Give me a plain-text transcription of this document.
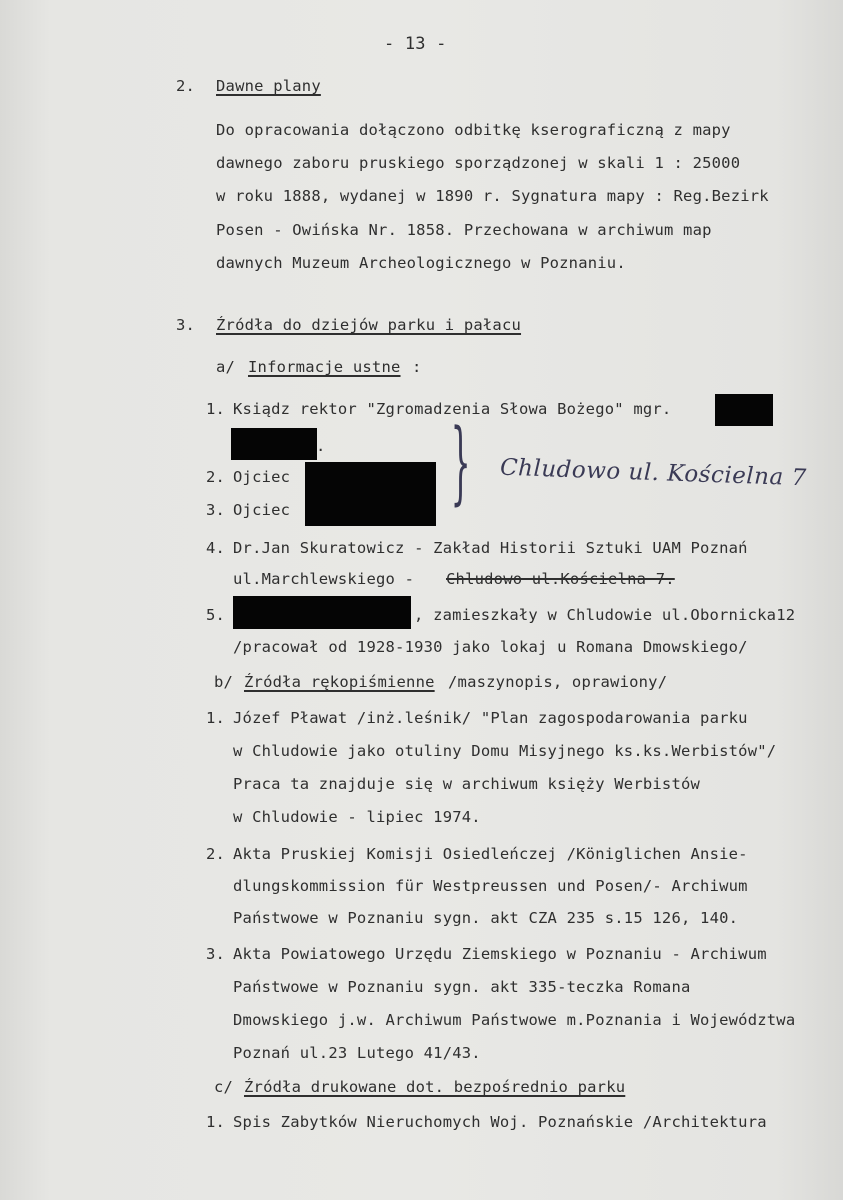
- 13 -
2. Dawne plany
Do opracowania dołączono odbitkę kserograficzną z mapy
dawnego zaboru pruskiego sporządzonej w skali 1 : 25000
w roku 1888, wydanej w 1890 r. Sygnatura mapy : Reg.Bezirk
Posen - Owińska Nr. 1858. Przechowana w archiwum map
dawnych Muzeum Archeologicznego w Poznaniu.
3. Źródła do dziejów parku i pałacu
a/ Informacje ustne :
1. Ksiądz rektor "Zgromadzenia Słowa Bożego" mgr.
.
2. Ojciec
3. Ojciec } Chludowo ul. Kościelna 7
4. Dr.Jan Skuratowicz - Zakład Historii Sztuki UAM Poznań
ul.Marchlewskiego - Chludowo ul.Kościelna 7.
5.	, zamieszkały w Chludowie ul.Obornicka12
/pracował od 1928-1930 jako lokaj u Romana Dmowskiego/
b/ Źródła rękopiśmienne /maszynopis, oprawiony/
1. Józef Pławat /inż.leśnik/ "Plan zagospodarowania parku
w Chludowie jako otuliny Domu Misyjnego ks.ks.Werbistów"/
Praca ta znajduje się w archiwum księży Werbistów
w Chludowie - lipiec 1974.
2. Akta Pruskiej Komisji Osiedleńczej /Königlichen Ansie-
dlungskommission für Westpreussen und Posen/- Archiwum
Państwowe w Poznaniu sygn. akt CZA 235 s.15 126, 140.
3. Akta Powiatowego Urzędu Ziemskiego w Poznaniu - Archiwum
Państwowe w Poznaniu sygn. akt 335-teczka Romana
Dmowskiego j.w. Archiwum Państwowe m.Poznania i Województwa
Poznań ul.23 Lutego 41/43.
c/ Źródła drukowane dot. bezpośrednio parku
1. Spis Zabytków Nieruchomych Woj. Poznańskie /Architektura
